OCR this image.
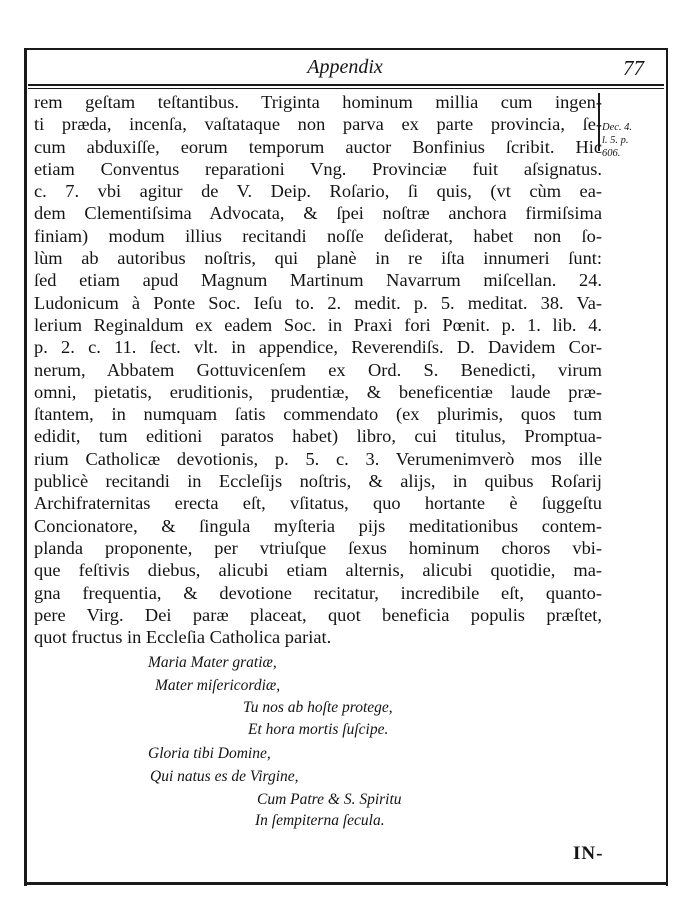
Appendix	77
Dec. 4.
l. 5. p.
606.
rem geſtam teſtantibus. Triginta hominum millia cum ingen-
ti præda, incenſa, vaſtataque non parva ex parte provincia, ſe-
cum abduxiſſe, eorum temporum auctor Bonfinius ſcribit. Hic
etiam Conventus reparationi Vng. Provinciæ fuit aſsignatus.
c. 7. vbi agitur de V. Deip. Roſario, ſi quis, (vt cùm ea-
dem Clementiſsima Advocata, & ſpei noſtræ anchora firmiſsima
finiam) modum illius recitandi noſſe deſiderat, habet non ſo-
lùm ab autoribus noſtris, qui planè in re iſta innumeri ſunt:
ſed etiam apud Magnum Martinum Navarrum miſcellan. 24.
Ludonicum à Ponte Soc. Ieſu to. 2. medit. p. 5. meditat. 38. Va-
lerium Reginaldum ex eadem Soc. in Praxi fori Pœnit. p. 1. lib. 4.
p. 2. c. 11. ſect. vlt. in appendice, Reverendiſs. D. Davidem Cor-
nerum, Abbatem Gottuvicenſem ex Ord. S. Benedicti, virum
omni, pietatis, eruditionis, prudentiæ, & beneficentiæ laude præ-
ſtantem, in numquam ſatis commendato (ex plurimis, quos tum
edidit, tum editioni paratos habet) libro, cui titulus, Promptua-
rium Catholicæ devotionis, p. 5. c. 3. Verumenimverò mos ille
publicè recitandi in Eccleſijs noſtris, & alijs, in quibus Roſarij
Archifraternitas erecta eſt, vſitatus, quo hortante è ſuggeſtu
Concionatore, & ſingula myſteria pijs meditationibus contem-
planda proponente, per vtriuſque ſexus hominum choros vbi-
que feſtivis diebus, alicubi etiam alternis, alicubi quotidie, ma-
gna frequentia, & devotione recitatur, incredibile eſt, quanto-
pere Virg. Dei paræ placeat, quot beneficia populis præſtet,
quot fructus in Eccleſia Catholica pariat.
Maria Mater gratiæ,
Mater miſericordiæ,
Tu nos ab hoſte protege,
Et hora mortis ſuſcipe.
Gloria tibi Domine,
Qui natus es de Virgine,
Cum Patre & S. Spiritu
In ſempiterna ſecula.
IN-
